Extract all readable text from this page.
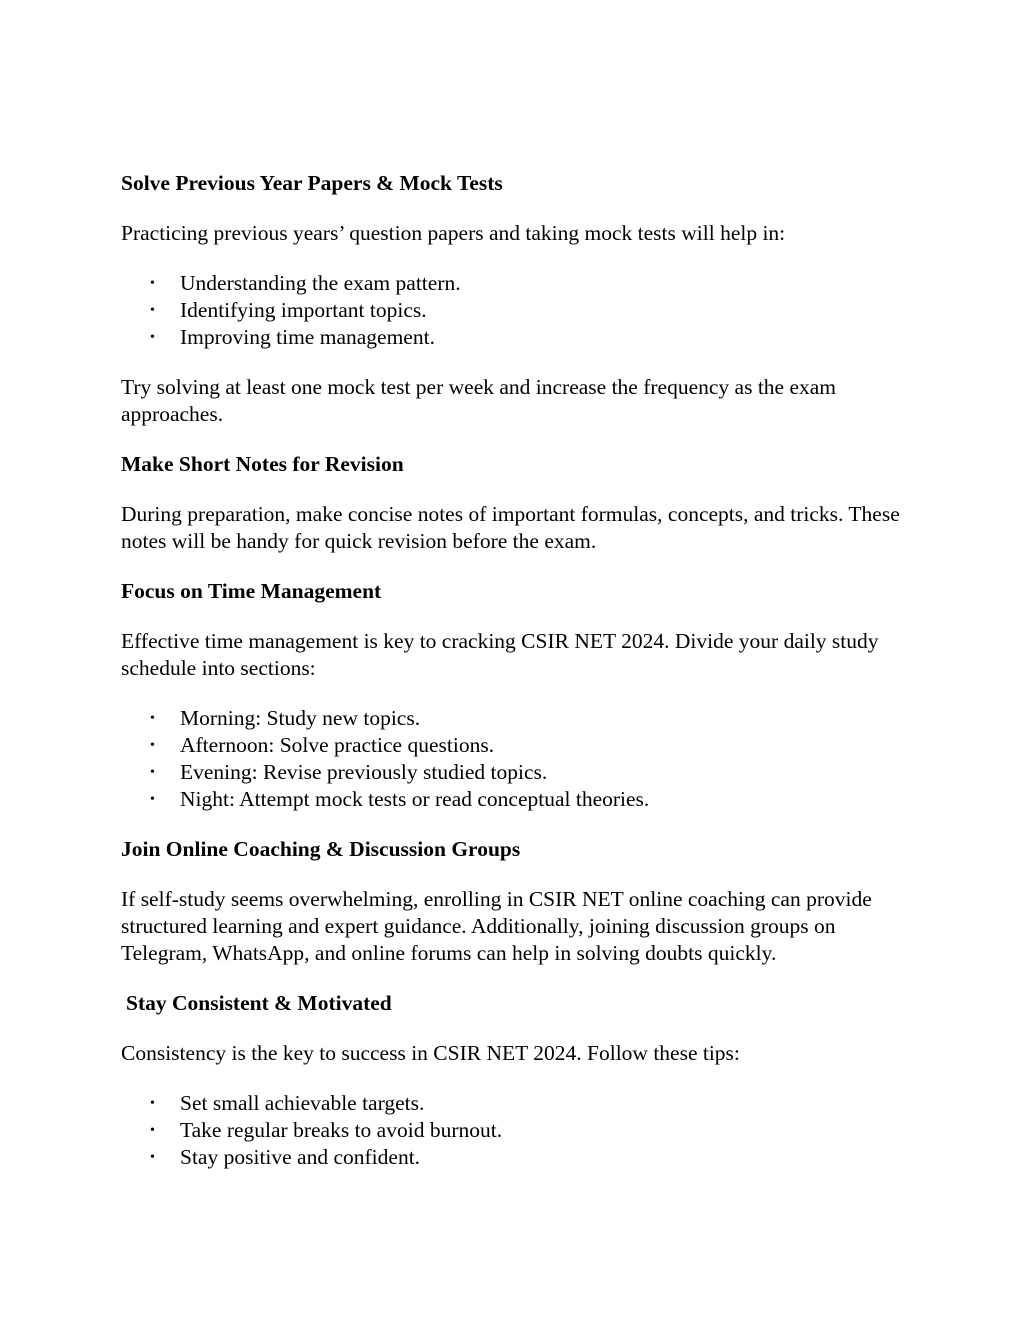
Solve Previous Year Papers & Mock Tests

Practicing previous years’ question papers and taking mock tests will help in:

• Understanding the exam pattern.
• Identifying important topics.
• Improving time management.

Try solving at least one mock test per week and increase the frequency as the exam approaches.

Make Short Notes for Revision

During preparation, make concise notes of important formulas, concepts, and tricks. These notes will be handy for quick revision before the exam.

Focus on Time Management

Effective time management is key to cracking CSIR NET 2024. Divide your daily study schedule into sections:

• Morning: Study new topics.
• Afternoon: Solve practice questions.
• Evening: Revise previously studied topics.
• Night: Attempt mock tests or read conceptual theories.
Join Online Coaching & Discussion Groups

If self-study seems overwhelming, enrolling in CSIR NET online coaching can provide structured learning and expert guidance. Additionally, joining discussion groups on Telegram, WhatsApp, and online forums can help in solving doubts quickly.

Stay Consistent & Motivated

Consistency is the key to success in CSIR NET 2024. Follow these tips:

• Set small achievable targets.
• Take regular breaks to avoid burnout.
• Stay positive and confident.
